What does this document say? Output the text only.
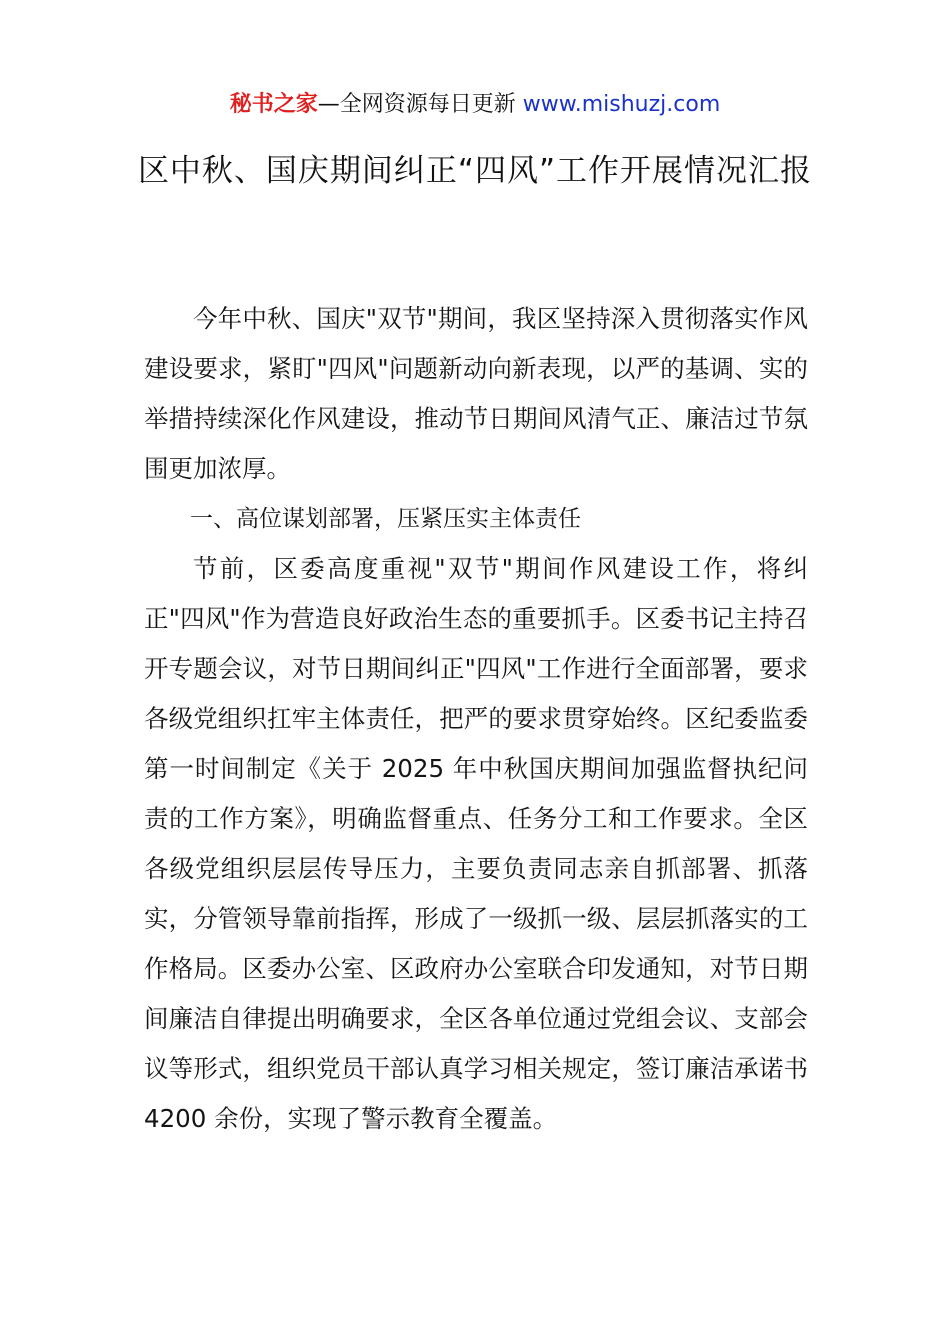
秘书之家—全网资源每日更新 www.mishuzj.com
区中秋、国庆期间纠正“四风”工作开展情况汇报

今年中秋、国庆"双节"期间，我区坚持深入贯彻落实作风建设要求，紧盯"四风"问题新动向新表现，以严的基调、实的举措持续深化作风建设，推动节日期间风清气正、廉洁过节氛围更加浓厚。

一、高位谋划部署，压紧压实主体责任

节前，区委高度重视"双节"期间作风建设工作，将纠正"四风"作为营造良好政治生态的重要抓手。区委书记主持召开专题会议，对节日期间纠正"四风"工作进行全面部署，要求各级党组织扛牢主体责任，把严的要求贯穿始终。区纪委监委第一时间制定《关于 2025 年中秋国庆期间加强监督执纪问责的工作方案》，明确监督重点、任务分工和工作要求。全区各级党组织层层传导压力，主要负责同志亲自抓部署、抓落实，分管领导靠前指挥，形成了一级抓一级、层层抓落实的工作格局。区委办公室、区政府办公室联合印发通知，对节日期间廉洁自律提出明确要求，全区各单位通过党组会议、支部会议等形式，组织党员干部认真学习相关规定，签订廉洁承诺书 4200 余份，实现了警示教育全覆盖。
